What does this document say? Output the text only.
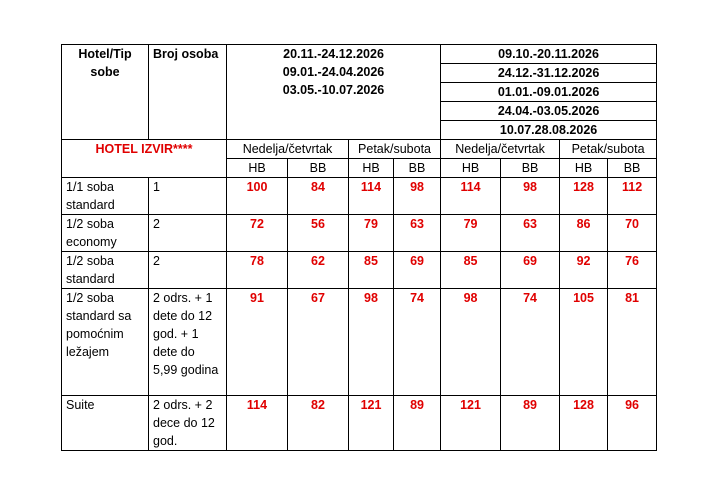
Hotel/Tip sobe	Broj osoba	20.11.-24.12.2026
09.01.-24.04.2026
03.05.-10.07.2026

09.10.-20.11.2026
24.12.-31.12.2026
01.01.-09.01.2026
24.04.-03.05.2026
10.07.28.08.2026

HOTEL IZVIR****	Nedelja/četvrtak	Petak/subota	Nedelja/četvrtak	Petak/subota
HB	BB	HB	BB	HB	BB	HB	BB
1/1 soba standard	1	100	84	114	98	114	98	128	112
1/2 soba economy	2	72	56	79	63	79	63	86	70
1/2 soba standard	2	78	62	85	69	85	69	92	76
1/2 soba standard sa pomoćnim ležajem	2 odrs. + 1 dete do 12 god. + 1 dete do 5,99 godina	91	67	98	74	98	74	105	81
Suite	2 odrs. + 2 dece do 12 god.	114	82	121	89	121	89	128	96
